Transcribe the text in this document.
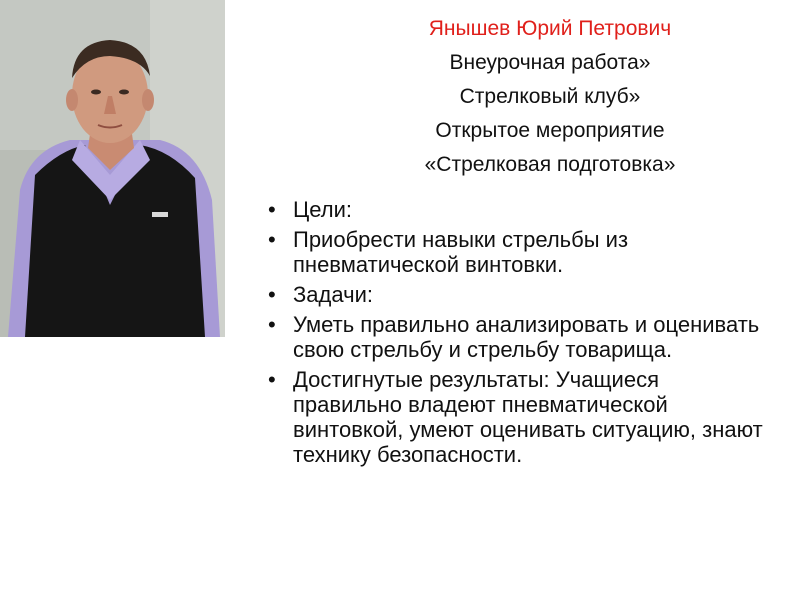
Янышев Юрий Петрович
Внеурочная работа»
Стрелковый клуб»
Открытое мероприятие
«Стрелковая подготовка»
• Цели:
• Приобрести навыки стрельбы из пневматической винтовки.
• Задачи:
• Уметь правильно анализировать и оценивать свою стрельбу и стрельбу товарища.
• Достигнутые результаты: Учащиеся правильно владеют пневматической винтовкой, умеют оценивать ситуацию, знают технику безопасности.
